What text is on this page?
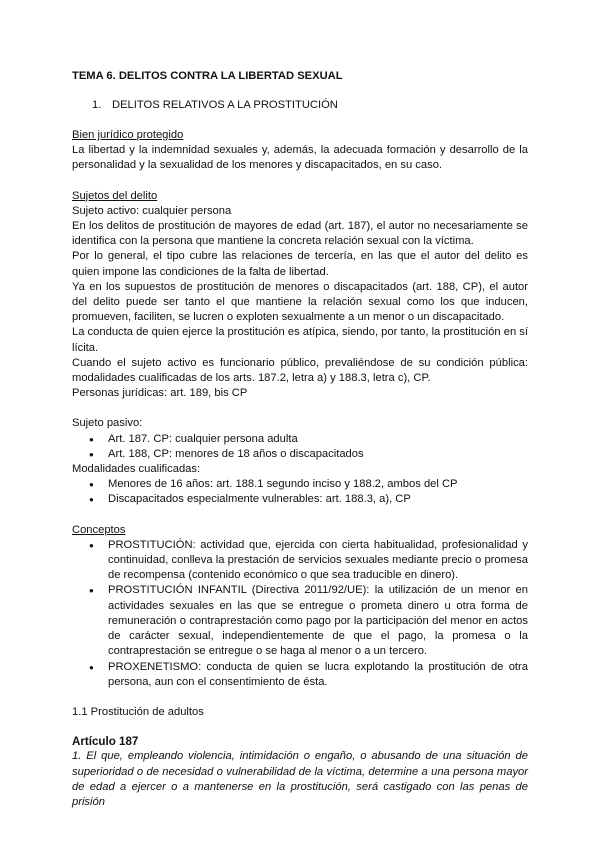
TEMA 6. DELITOS CONTRA LA LIBERTAD SEXUAL

1. DELITOS RELATIVOS A LA PROSTITUCIÓN

Bien jurídico protegido

La libertad y la indemnidad sexuales y, además, la adecuada formación y desarrollo de la personalidad y la sexualidad de los menores y discapacitados, en su caso.

Sujetos del delito

Sujeto activo: cualquier persona

En los delitos de prostitución de mayores de edad (art. 187), el autor no necesariamente se identifica con la persona que mantiene la concreta relación sexual con la víctima.

Por lo general, el tipo cubre las relaciones de tercería, en las que el autor del delito es quien impone las condiciones de la falta de libertad.

Ya en los supuestos de prostitución de menores o discapacitados (art. 188, CP), el autor del delito puede ser tanto el que mantiene la relación sexual como los que inducen, promueven, faciliten, se lucren o exploten sexualmente a un menor o un discapacitado.

La conducta de quien ejerce la prostitución es atípica, siendo, por tanto, la prostitución en sí lícita.

Cuando el sujeto activo es funcionario público, prevaliéndose de su condición pública: modalidades cualificadas de los arts. 187.2, letra a) y 188.3, letra c), CP.

Personas jurídicas: art. 189, bis CP

Sujeto pasivo:

● Art. 187. CP: cualquier persona adulta
● Art. 188, CP: menores de 18 años o discapacitados

Modalidades cualificadas:

● Menores de 16 años: art. 188.1 segundo inciso y 188.2, ambos del CP
● Discapacitados especialmente vulnerables: art. 188.3, a), CP

Conceptos

● PROSTITUCIÓN: actividad que, ejercida con cierta habitualidad, profesionalidad y continuidad, conlleva la prestación de servicios sexuales mediante precio o promesa de recompensa (contenido económico o que sea traducible en dinero).
● PROSTITUCIÓN INFANTIL (Directiva 2011/92/UE): la utilización de un menor en actividades sexuales en las que se entregue o prometa dinero u otra forma de remuneración o contraprestación como pago por la participación del menor en actos de carácter sexual, independientemente de que el pago, la promesa o la contraprestación se entregue o se haga al menor o a un tercero.
● PROXENETISMO: conducta de quien se lucra explotando la prostitución de otra persona, aun con el consentimiento de ésta.

1.1 Prostitución de adultos

Artículo 187

1. El que, empleando violencia, intimidación o engaño, o abusando de una situación de superioridad o de necesidad o vulnerabilidad de la víctima, determine a una persona mayor de edad a ejercer o a mantenerse en la prostitución, será castigado con las penas de prisión
